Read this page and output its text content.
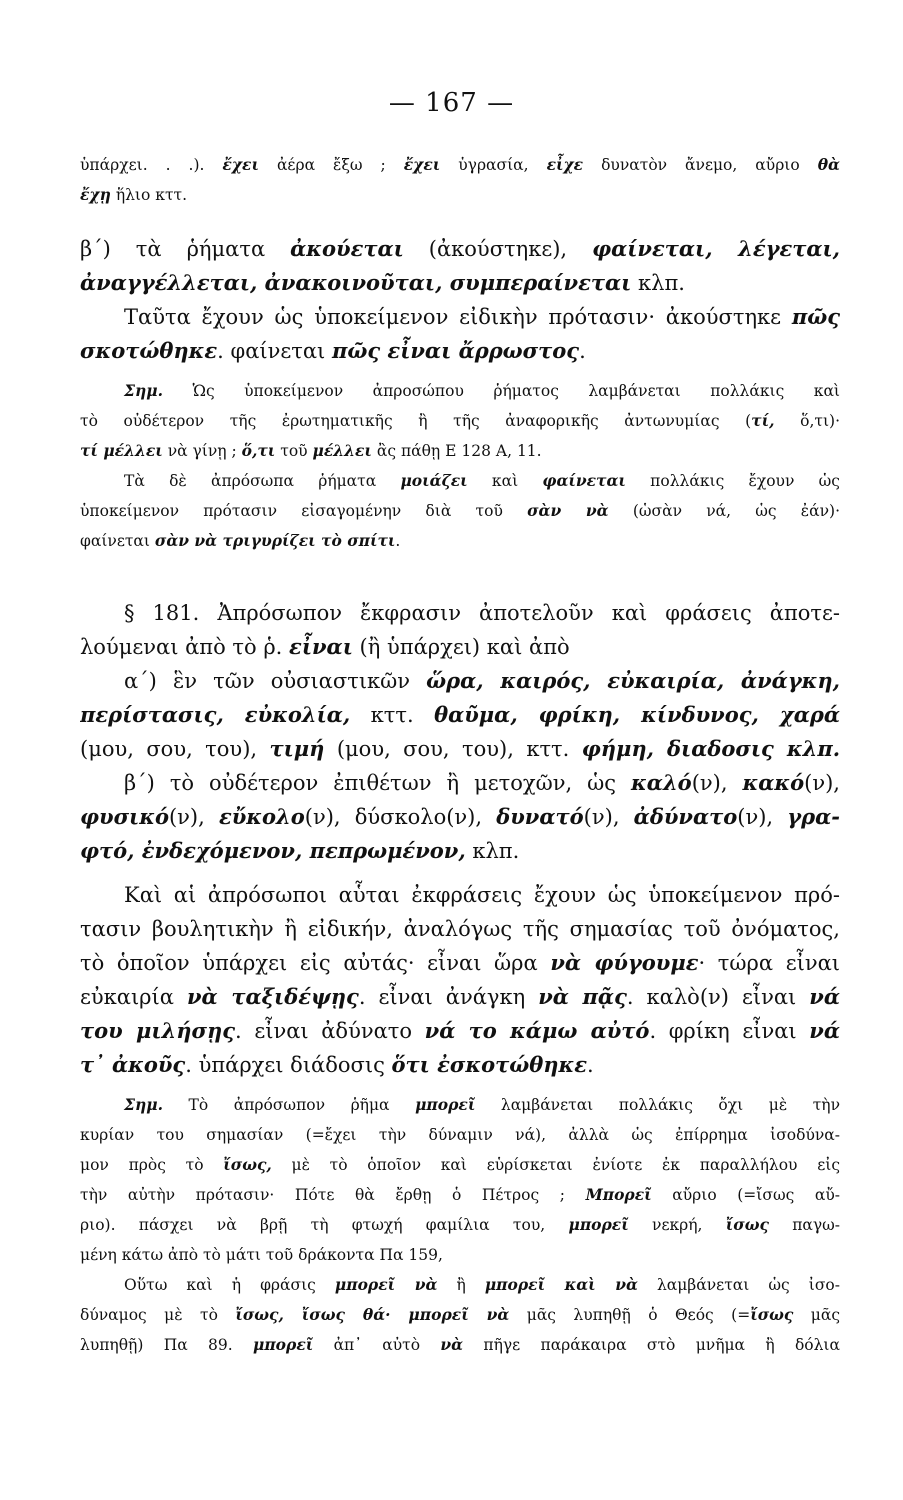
— 167 —
ὑπάρχει. . .). ἔχει ἀέρα ἔξω ; ἔχει ὑγρασία, εἶχε δυνατὸν ἄνεμο, αὔριο θὰ
ἔχῃ ἥλιο κττ.
β΄) τὰ ῥήματα ἀκούεται (ἀκούστηκε), φαίνεται, λέγεται,
ἀναγγέλλεται, ἀνακοινοῦται, συμπεραίνεται κλπ.
Ταῦτα ἔχουν ὡς ὑποκείμενον εἰδικὴν πρότασιν· ἀκούστηκε πῶς
σκοτώθηκε. φαίνεται πῶς εἶναι ἄρρωστος.
Σημ. Ὡς ὑποκείμενον ἀπροσώπου ῥήματος λαμβάνεται πολλάκις καὶ
τὸ οὐδέτερον τῆς ἐρωτηματικῆς ἢ τῆς ἀναφορικῆς ἀντωνυμίας (τί, ὅ,τι)·
τί μέλλει νὰ γίνῃ ; ὅ,τι τοῦ μέλλει ἂς πάθῃ Ε 128 Α, 11.
Τὰ δὲ ἀπρόσωπα ῥήματα μοιάζει καὶ φαίνεται πολλάκις ἔχουν ὡς
ὑποκείμενον πρότασιν εἰσαγομένην διὰ τοῦ σὰν νὰ (ὡσὰν νά, ὡς ἐάν)·
φαίνεται σὰν νὰ τριγυρίζει τὸ σπίτι.
§ 181. Ἀπρόσωπον ἔκφρασιν ἀποτελοῦν καὶ φράσεις ἀποτε-
λούμεναι ἀπὸ τὸ ῥ. εἶναι (ἢ ὑπάρχει) καὶ ἀπὸ
α΄) ἓν τῶν οὐσιαστικῶν ὥρα, καιρός, εὐκαιρία, ἀνάγκη,
περίστασις, εὐκολία, κττ. θαῦμα, φρίκη, κίνδυνος, χαρά
(μου, σου, του), τιμή (μου, σου, του), κττ. φήμη, διαδοσις κλπ.
β΄) τὸ οὐδέτερον ἐπιθέτων ἢ μετοχῶν, ὡς καλό(ν), κακό(ν),
φυσικό(ν), εὔκολο(ν), δύσκολο(ν), δυνατό(ν), ἀδύνατο(ν), γρα-
φτό, ἐνδεχόμενον, πεπρωμένον, κλπ.
Καὶ αἱ ἀπρόσωποι αὗται ἐκφράσεις ἔχουν ὡς ὑποκείμενον πρό-
τασιν βουλητικὴν ἢ εἰδικήν, ἀναλόγως τῆς σημασίας τοῦ ὀνόματος,
τὸ ὁποῖον ὑπάρχει εἰς αὐτάς· εἶναι ὥρα νὰ φύγουμε· τώρα εἶναι
εὐκαιρία νὰ ταξιδέψῃς. εἶναι ἀνάγκη νὰ πᾷς. καλὸ(ν) εἶναι νά
του μιλήσῃς. εἶναι ἀδύνατο νά το κάμω αὐτό. φρίκη εἶναι νά
τ᾿ ἀκοῦς. ὑπάρχει διάδοσις ὅτι ἐσκοτώθηκε.
Σημ. Τὸ ἀπρόσωπον ῥῆμα μπορεῖ λαμβάνεται πολλάκις ὄχι μὲ τὴν
κυρίαν του σημασίαν (=ἔχει τὴν δύναμιν νά), ἀλλὰ ὡς ἐπίρρημα ἰσοδύνα-
μον πρὸς τὸ ἴσως, μὲ τὸ ὁποῖον καὶ εὑρίσκεται ἐνίοτε ἐκ παραλλήλου εἰς
τὴν αὐτὴν πρότασιν· Πότε θὰ ἔρθῃ ὁ Πέτρος ; Μπορεῖ αὔριο (=ἴσως αὔ-
ριο). πάσχει νὰ βρῇ τὴ φτωχή φαμίλια του, μπορεῖ νεκρή, ἴσως παγω-
μένη κάτω ἀπὸ τὸ μάτι τοῦ δράκοντα Πα 159,
Οὕτω καὶ ἡ φράσις μπορεῖ νὰ ἢ μπορεῖ καὶ νὰ λαμβάνεται ὡς ἰσο-
δύναμος μὲ τὸ ἴσως, ἴσως θά· μπορεῖ νὰ μᾶς λυπηθῇ ὁ Θεός (=ἴσως μᾶς
λυπηθῇ) Πα 89. μπορεῖ ἀπ᾿ αὐτὸ νὰ πῆγε παράκαιρα στὸ μνῆμα ἢ δόλια
